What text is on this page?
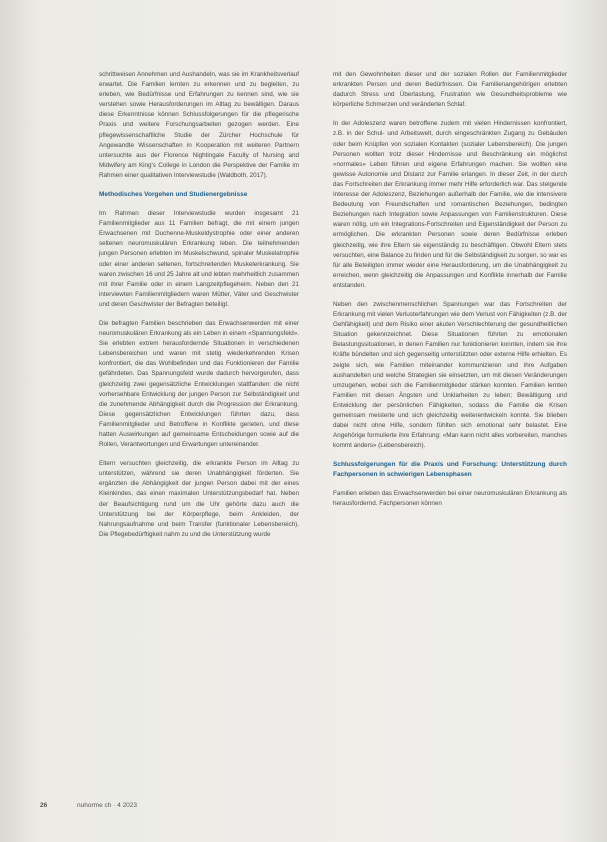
schrittweisen Annehmen und Aushandeln, was sie im Krankheitsverlauf erwartet. Die Familien lernten zu erkennen und zu begleiten, zu erleben, wie Bedürfnisse und Erfahrungen zu kennen sind, wie sie verstehen sowie Herausforderungen im Alltag zu bewältigen. Daraus diese Erkenntnisse können Schlussfolgerungen für die pflegerische Praxis und weitere Forschungsarbeiten gezogen werden. Eine pflegewissenschaftliche Studie der Zürcher Hochschule für Angewandte Wissenschaften in Kooperation mit weiteren Partnern untersuchte aus der Florence Nightingale Faculty of Nursing and Midwifery am King's College in London die Perspektive der Familie im Rahmen einer qualitativen Interviewstudie (Waldboth, 2017).

Methodisches Vorgehen und Studienergebnisse

Im Rahmen dieser Interviewstudie wurden insgesamt 21 Familienmitglieder aus 11 Familien befragt, die mit einem jungen Erwachsenen mit Duchenne-Muskeldystrophie oder einer anderen seltenen neuromuskulären Erkrankung leben. Die teilnehmenden jungen Personen erlebten im Muskelschwund, spinaler Muskelatrophie oder einer anderen seltenen, fortschreitenden Muskelerkrankung. Sie waren zwischen 16 und 25 Jahre alt und lebten mehrheitlich zusammen mit ihrer Familie oder in einem Langzeitpflegeheim. Neben den 21 interviewten Familienmitgliedern waren Mütter, Väter und Geschwister und deren Geschwister der Befragten beteiligt.

Die befragten Familien beschrieben das Erwachsenwerden mit einer neuromuskulären Erkrankung als ein Leben in einem «Spannungsfeld». Sie erlebten extrem herausfordernde Situationen in verschiedenen Lebensbereichen und waren mit stetig wiederkehrenden Krisen konfrontiert, die das Wohlbefinden und das Funktionieren der Familie gefährdeten. Das Spannungsfeld wurde dadurch hervorgerufen, dass gleichzeitig zwei gegensätzliche Entwicklungen stattfanden: die nicht vorhersehbare Entwicklung der jungen Person zur Selbständigkeit und die zunehmende Abhängigkeit durch die Progression der Erkrankung. Diese gegensätzlichen Entwicklungen führten dazu, dass Familienmitglieder und Betroffene in Konflikte gerieten, und diese hatten Auswirkungen auf gemeinsame Entscheidungen sowie auf die Rollen, Verantwortungen und Erwartungen untereinander.

Eltern versuchten gleichzeitig, die erkrankte Person im Alltag zu unterstützen, während sie deren Unabhängigkeit förderten. Sie ergänzten die Abhängigkeit der jungen Person dabei mit der eines Kleinkindes, das einen maximalen Unterstützungsbedarf hat. Neben der Beaufsichtigung rund um die Uhr gehörte dazu auch die Unterstützung bei der Körperpflege, beim Ankleiden, der Nahrungsaufnahme und beim Transfer (funktionaler Lebensbereich). Die Pflegebedürftigkeit nahm zu und die Unterstützung wurde

mit den Gewohnheiten dieser und der sozialen Rollen der Familienmitglieder erkrankten Person und deren Bedürfnissen. Die Familienangehörigen erlebten dadurch Stress und Überlastung, Frustration wie Gesundheitsprobleme wie körperliche Schmerzen und veränderten Schlaf.

In der Adoleszenz waren betroffene zudem mit vielen Hindernissen konfrontiert, z.B. in der Schul- und Arbeitswelt, durch eingeschränkten Zugang zu Gebäuden oder beim Knüpfen von sozialen Kontakten (sozialer Lebensbereich). Die jungen Personen wollten trotz dieser Hindernisse und Beschränkung ein möglichst «normales» Leben führen und eigene Erfahrungen machen. Sie wollten eine gewisse Autonomie und Distanz zur Familie erlangen. In dieser Zeit, in der durch das Fortschreiten der Erkrankung immer mehr Hilfe erforderlich war. Das steigende Interesse der Adoleszenz, Beziehungen außerhalb der Familie, wie die intensivere Bedeutung von Freundschaften und romantischen Beziehungen, bedingten Beziehungen nach Integration sowie Anpassungen von Familienstrukturen. Diese waren nötig, um ein Integrations-Fortschreiten und Eigenständigkeit der Person zu ermöglichen. Die erkrankten Personen sowie deren Bedürfnisse erleben gleichzeitig, wie ihre Eltern sie eigenständig zu beschäftigen. Obwohl Eltern stets versuchten, eine Balance zu finden und für die Selbständigkeit zu sorgen, so war es für alle Beteiligten immer wieder eine Herausforderung, um die Unabhängigkeit zu erreichen, wenn gleichzeitig die Anpassungen und Konflikte innerhalb der Familie entstanden.

Neben den zwischenmenschlichen Spannungen war das Fortschreiten der Erkrankung mit vielen Verlusterfahrungen wie dem Verlust von Fähigkeiten (z.B. der Gehfähigkeit) und dem Risiko einer akuten Verschlechterung der gesundheitlichen Situation gekennzeichnet. Diese Situationen führten zu emotionalen Belastungssituationen, in denen Familien nur funktionieren konnten, indem sie ihre Kräfte bündelten und sich gegenseitig unterstützten oder externe Hilfe erhielten. Es zeigte sich, wie Familien miteinander kommunizieren und ihre Aufgaben aushandelten und welche Strategien sie einsetzten, um mit diesen Veränderungen umzugehen, wobei sich die Familienmitglieder stärken konnten. Familien lernten Familien mit diesen Ängsten und Unklarheiten zu leben; Bewältigung und Entwicklung der persönlichen Fähigkeiten, sodass die Familie die Krisen gemeinsam meisterte und sich gleichzeitig weiterentwickeln konnte. Sie blieben dabei nicht ohne Hilfe, sondern fühlten sich emotional sehr belastet. Eine Angehörige formulierte ihre Erfahrung: «Man kann nicht alles vorbereiten, manches kommt anders» (Lebensbereich).

Schlussfolgerungen für die Praxis und Forschung: Unterstützung durch Fachpersonen in schwierigen Lebensphasen

Familien erleben das Erwachsenwerden bei einer neuromuskulären Erkrankung als herausfordernd. Fachpersonen können

26	nuhorme ch · 4 2023
